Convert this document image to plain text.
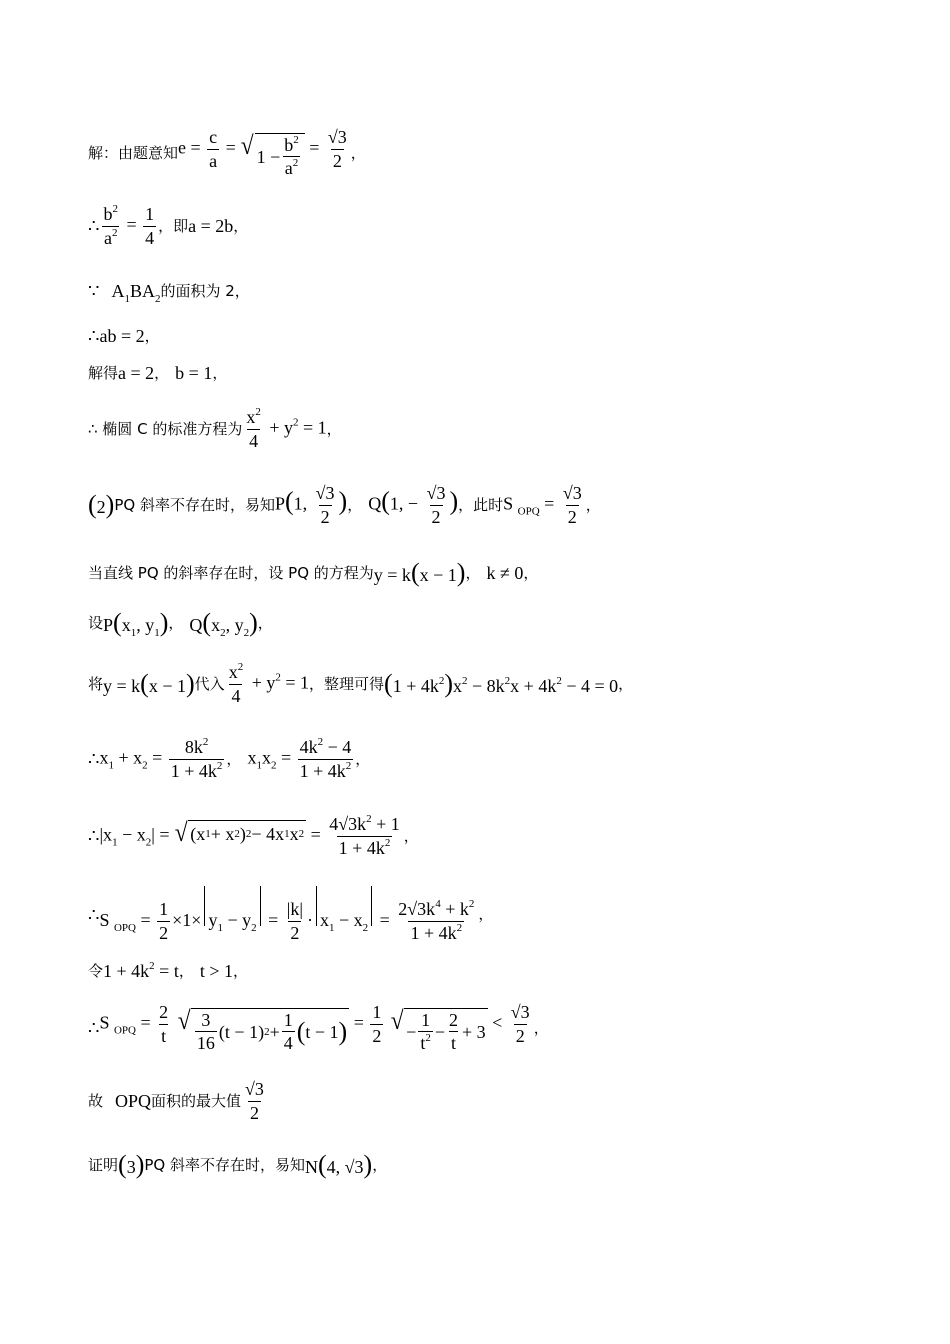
解：由题意知 $e = \frac{c}{a}$ = √ $1 - \frac{b^2}{a^2} = \frac{√3}{2}$ ，
∴ $\frac{b^2}{a^2} = \frac{1}{4}$ ，即 a = 2b ，
∵ $A_1BA_2$ 的面积为 2，
∴ ab = 2 ，
解得 a = 2 ， b = 1 ，
∴ 椭圆 C 的标准方程为 $\frac{x^2}{4} + y^2 = 1$ ，
(2) PQ 斜率不存在时，易知 P(1, $\frac{√3}{2}$ ) ， Q(1, − $\frac{√3}{2}$ ) ，此时 S $_{OPQ} = \frac{√3}{2}$ ，
当直线 PQ 的斜率存在时，设 PQ 的方程为 y = k(x − 1) ， k ≠ 0 ，
设 $P(x_1$, $y_1$) ， $Q(x_2$, $y_2$) ，
将 y = k(x − 1) 代入 $\frac{x^2}{4} + y^2 = 1$ ，整理可得 $(1 + 4k^2)x^2 - 8k^2x + 4k^2 - 4 = 0$ ，
∴ $x_1 + x_2 = \frac{8k^2}{1 + 4k^2}$ ， $x_1x_2 = \frac{4k^2 - 4}{1 + 4k^2}$ ，
∴ $|x_1 - x_2|$ = √ (x 1 + x 2 ) 2 − 4x 1 x $2 = \frac{4√3k^2 + 1}{1 + 4k^2}$ ，
∴ S $_{OPQ} = \frac{1}{2} \times 1\times y_1 - y_2 = \frac{|k|}{2} \cdot x_1 - x_2 = \frac{2√3k^4 + k^2}{1 + 4k^2}$ ，
令 $1 + 4k^2 = t$ ， t > 1 ，
∴ S $_{OPQ} = \frac{2}{t}$
√ $\frac{3}{16} (t - 1) 2 + \frac{1}{4}$ ( t − 1 ) = $\frac{1}{2}$
√ − $\frac{1}{t^2} - \frac{2}{t} + 3 < \frac{√3}{2}$ ，
故 OPQ 面积的最大值 $\frac{√3}{2}$
证明 (3) PQ 斜率不存在时，易知 N(4, √3) ，
